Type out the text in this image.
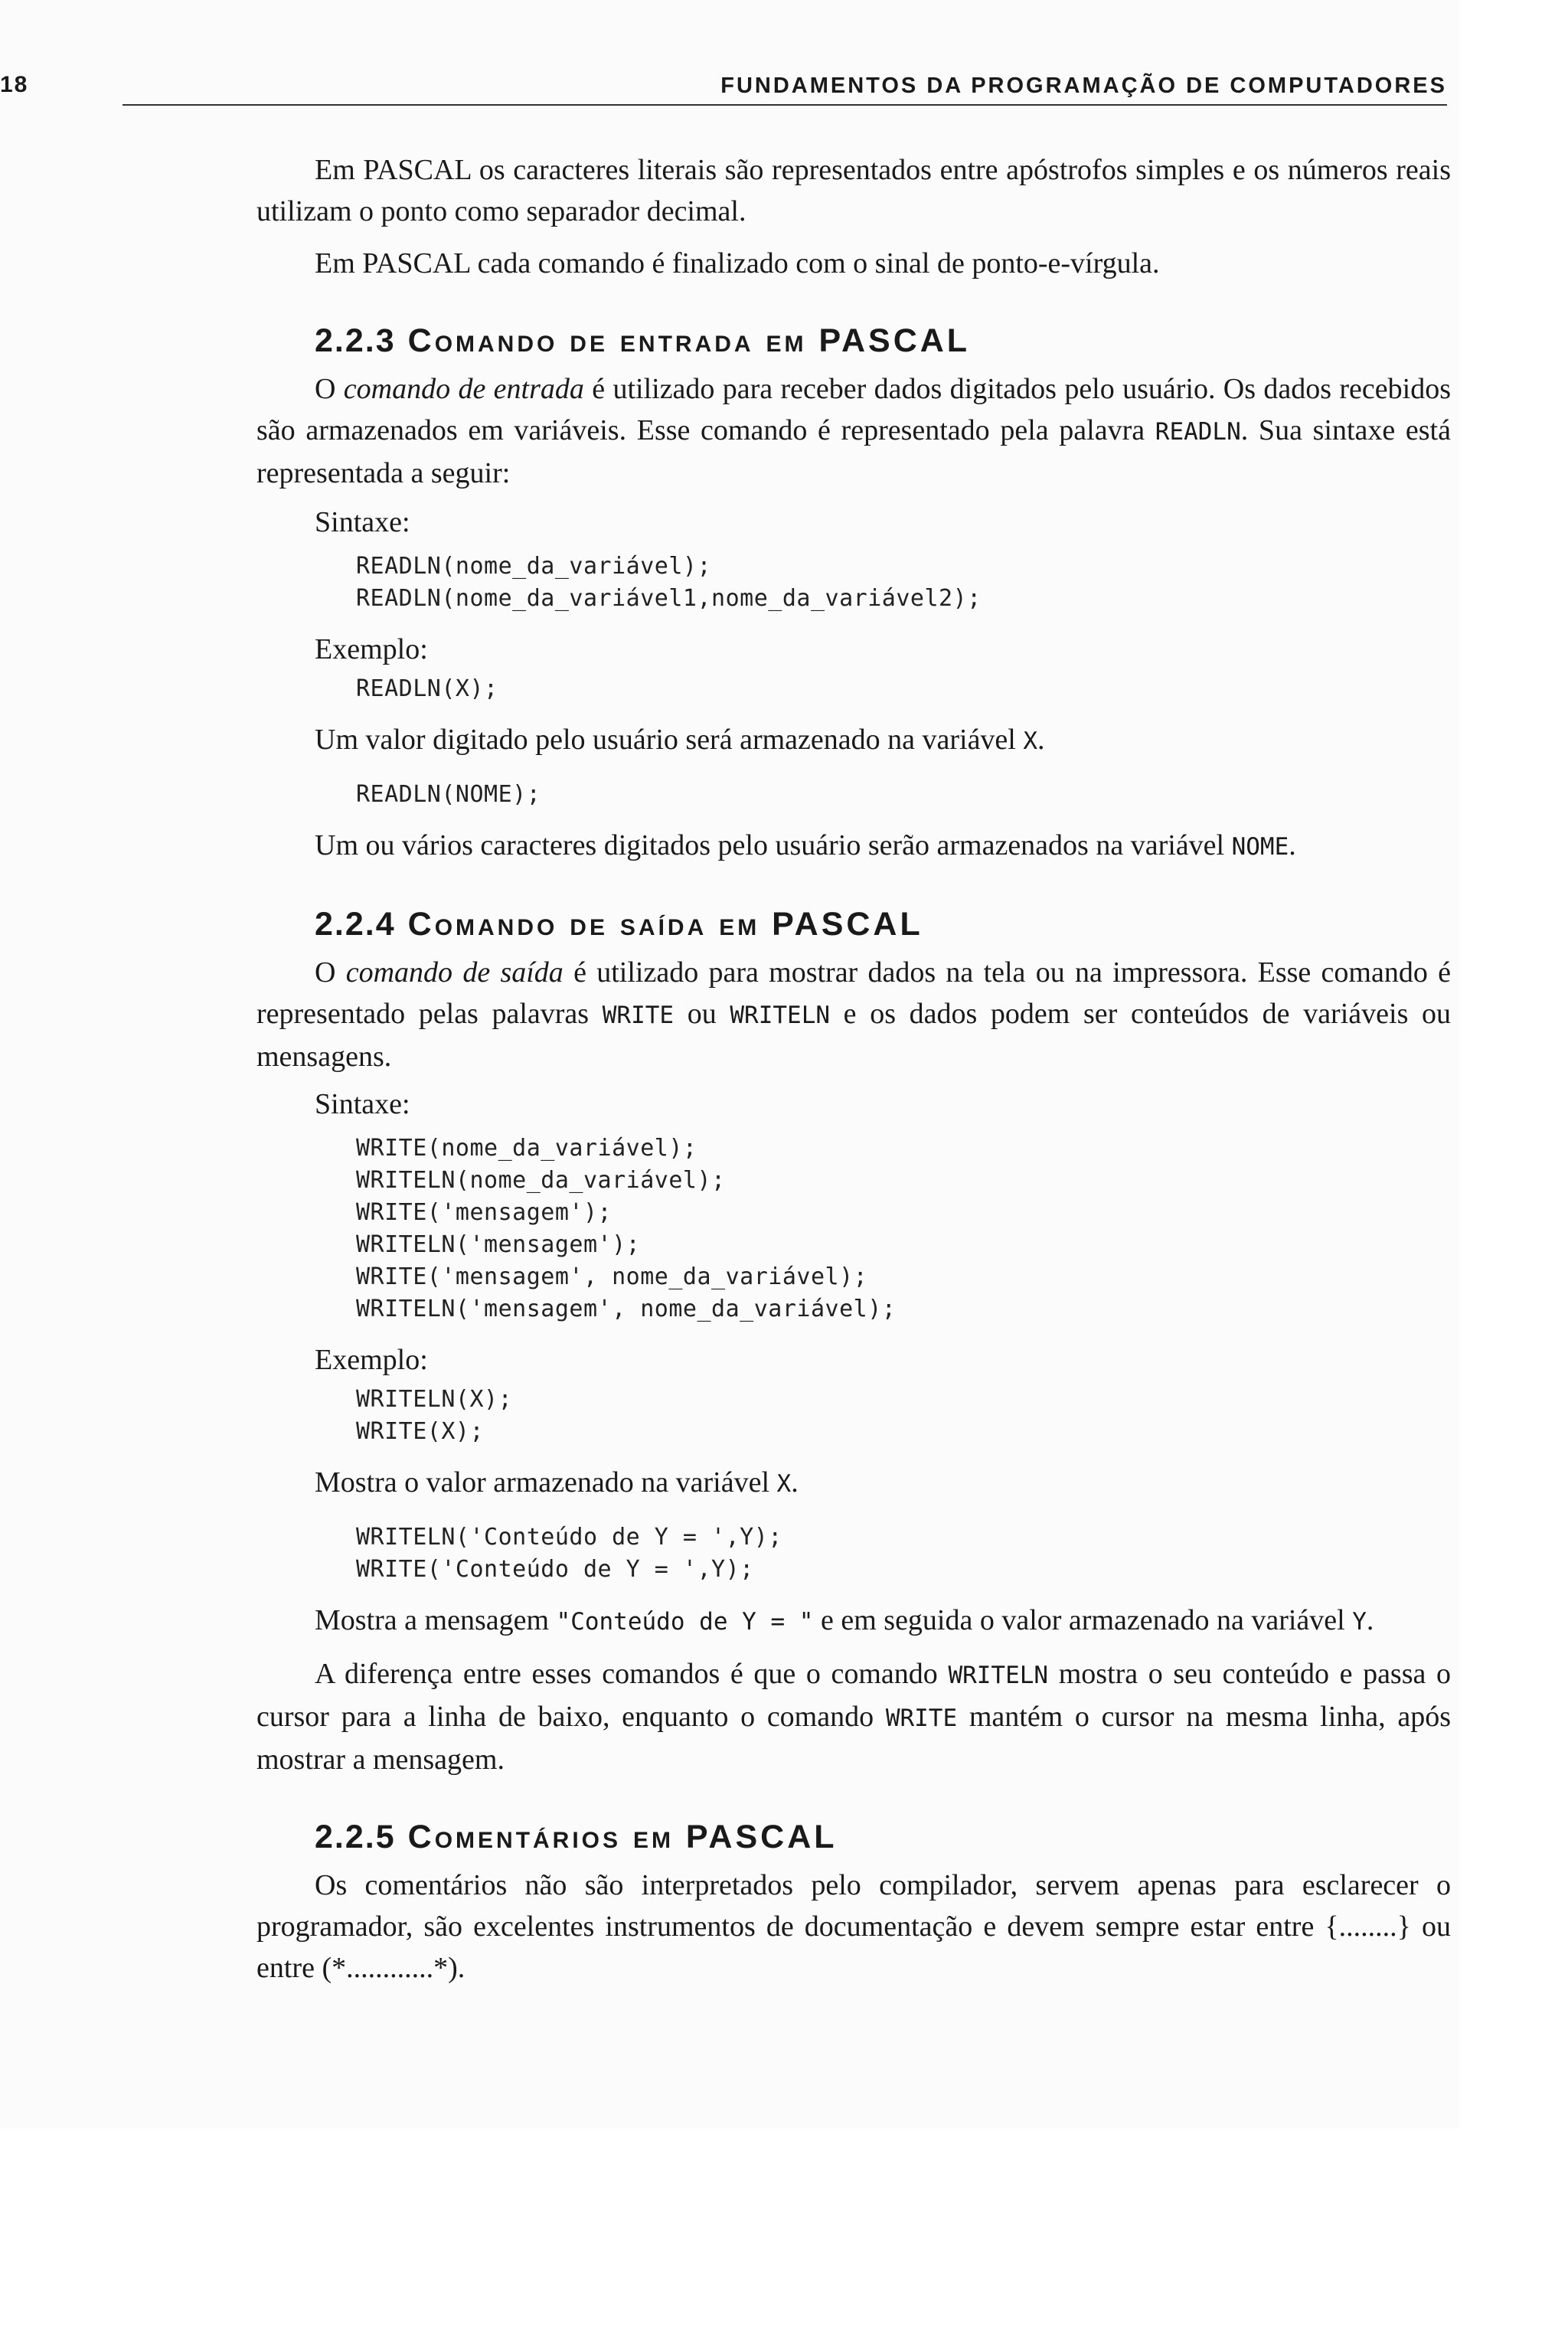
18	FUNDAMENTOS DA PROGRAMAÇÃO DE COMPUTADORES

Em PASCAL os caracteres literais são representados entre apóstrofos simples e os números reais utilizam o ponto como separador decimal.

Em PASCAL cada comando é finalizado com o sinal de ponto-e-vírgula.

2.2.3 Comando de entrada em PASCAL

O comando de entrada é utilizado para receber dados digitados pelo usuário. Os dados recebidos são armazenados em variáveis. Esse comando é representado pela palavra READLN. Sua sintaxe está representada a seguir:

Sintaxe:

READLN(nome_da_variável);
READLN(nome_da_variável1,nome_da_variável2);

Exemplo:

READLN(X);

Um valor digitado pelo usuário será armazenado na variável X.

READLN(NOME);

Um ou vários caracteres digitados pelo usuário serão armazenados na variável NOME.

2.2.4 Comando de saída em PASCAL

O comando de saída é utilizado para mostrar dados na tela ou na impressora. Esse comando é representado pelas palavras WRITE ou WRITELN e os dados podem ser conteúdos de variáveis ou mensagens.

Sintaxe:

WRITE(nome_da_variável);
WRITELN(nome_da_variável);
WRITE('mensagem');
WRITELN('mensagem');
WRITE('mensagem', nome_da_variável);
WRITELN('mensagem', nome_da_variável);

Exemplo:

WRITELN(X);
WRITE(X);

Mostra o valor armazenado na variável X.

WRITELN('Conteúdo de Y = ',Y);
WRITE('Conteúdo de Y = ',Y);

Mostra a mensagem "Conteúdo de Y = " e em seguida o valor armazenado na variável Y.

A diferença entre esses comandos é que o comando WRITELN mostra o seu conteúdo e passa o cursor para a linha de baixo, enquanto o comando WRITE mantém o cursor na mesma linha, após mostrar a mensagem.

2.2.5 Comentários em PASCAL

Os comentários não são interpretados pelo compilador, servem apenas para esclarecer o programador, são excelentes instrumentos de documentação e devem sempre estar entre {........} ou entre (*............*).
